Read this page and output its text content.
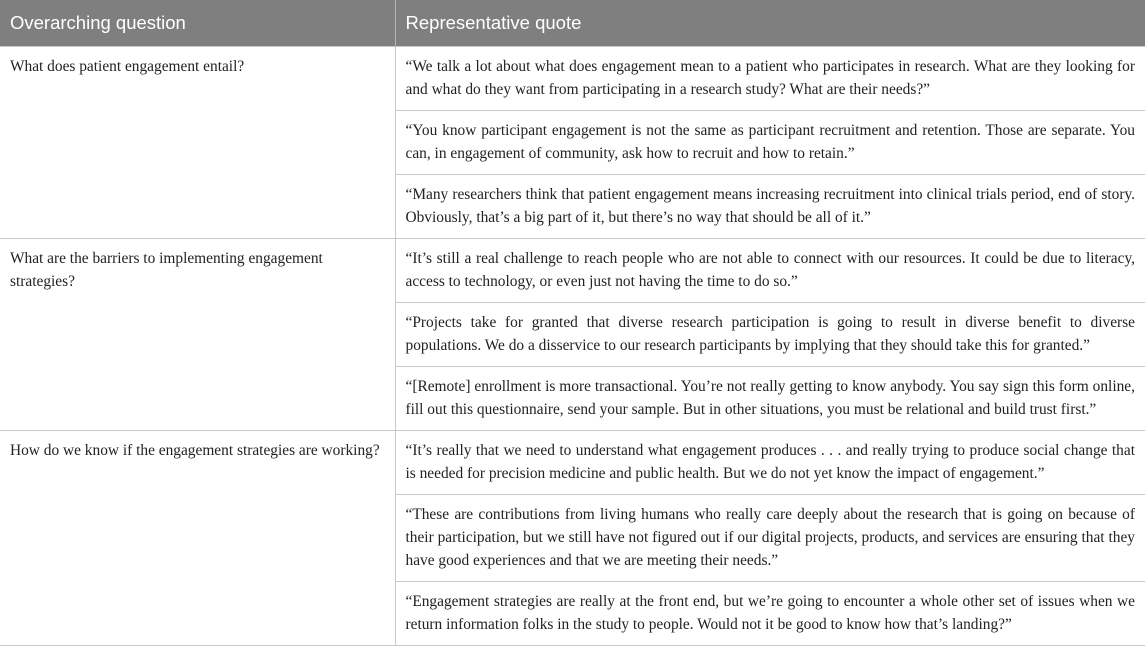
Overarching question	Representative quote
What does patient engagement entail?	“We talk a lot about what does engagement mean to a patient who participates in research. What are they looking for and what do they want from participating in a research study? What are their needs?”
	“You know participant engagement is not the same as participant recruitment and retention. Those are separate. You can, in engagement of community, ask how to recruit and how to retain.”
	“Many researchers think that patient engagement means increasing recruitment into clinical trials period, end of story. Obviously, that’s a big part of it, but there’s no way that should be all of it.”
What are the barriers to implementing engagement strategies?	“It’s still a real challenge to reach people who are not able to connect with our resources. It could be due to literacy, access to technology, or even just not having the time to do so.”
	“Projects take for granted that diverse research participation is going to result in diverse benefit to diverse populations. We do a disservice to our research participants by implying that they should take this for granted.”
	“[Remote] enrollment is more transactional. You’re not really getting to know anybody. You say sign this form online, fill out this questionnaire, send your sample. But in other situations, you must be relational and build trust first.”
How do we know if the engagement strategies are working?	“It’s really that we need to understand what engagement produces . . . and really trying to produce social change that is needed for precision medicine and public health. But we do not yet know the impact of engagement.”
	“These are contributions from living humans who really care deeply about the research that is going on because of their participation, but we still have not figured out if our digital projects, products, and services are ensuring that they have good experiences and that we are meeting their needs.”
	“Engagement strategies are really at the front end, but we’re going to encounter a whole other set of issues when we return information folks in the study to people. Would not it be good to know how that’s landing?”
